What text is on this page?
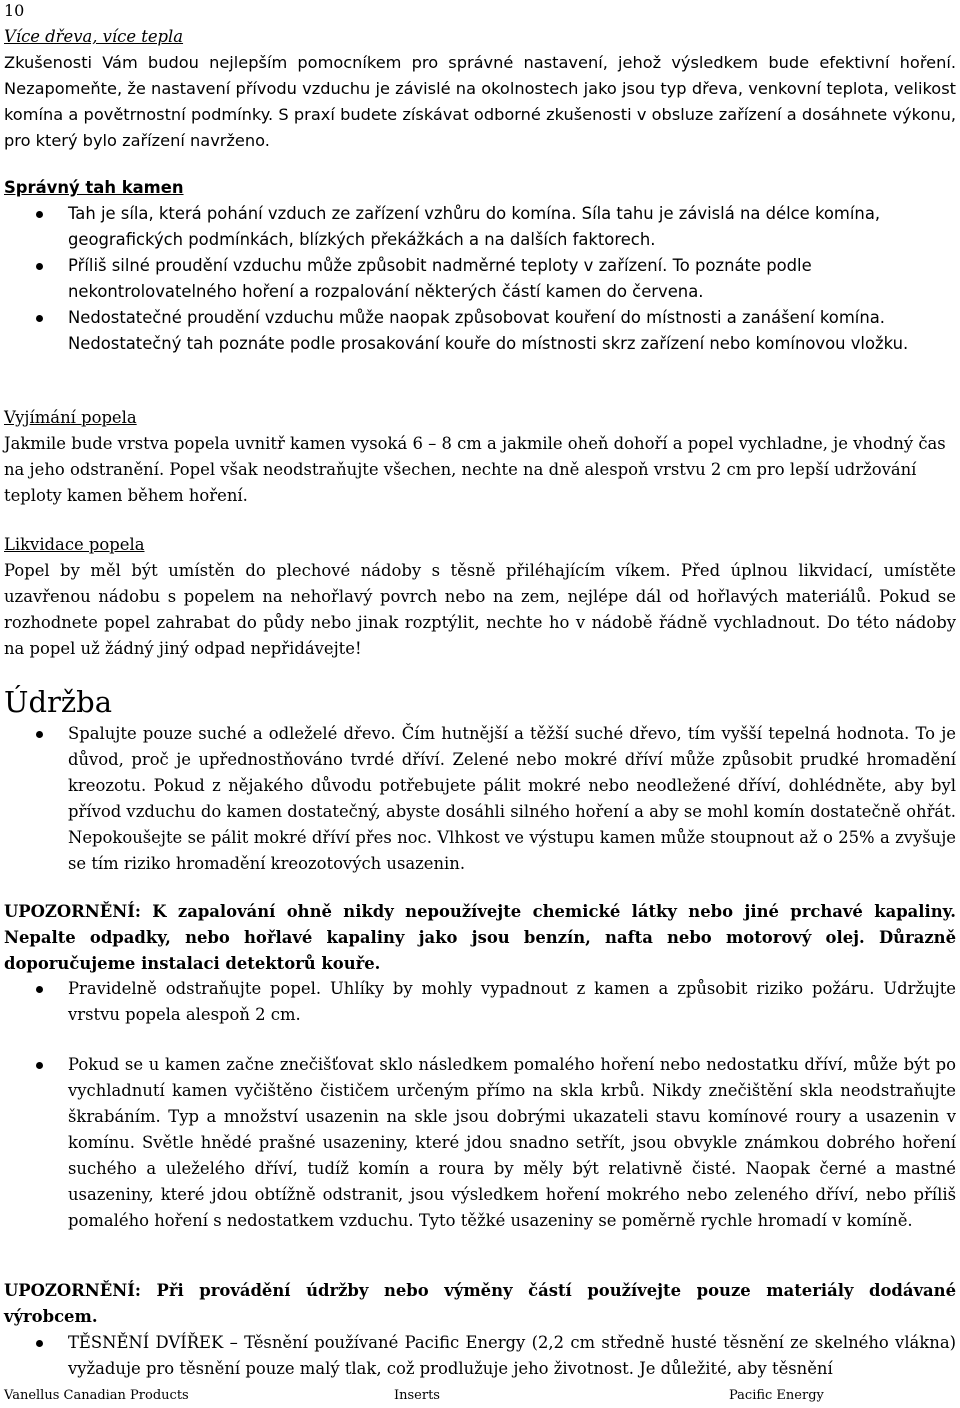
10
Více dřeva, více tepla
Zkušenosti Vám budou nejlepším pomocníkem pro správné nastavení, jehož výsledkem bude efektivní hoření. Nezapomeňte, že nastavení přívodu vzduchu je závislé na okolnostech jako jsou typ dřeva, venkovní teplota, velikost komína a povětrnostní podmínky. S praxí budete získávat odborné zkušenosti v obsluze zařízení a dosáhnete výkonu, pro který bylo zařízení navrženo.
Správný tah kamen
Tah je síla, která pohání vzduch ze zařízení vzhůru do komína. Síla tahu je závislá na délce komína, geografických podmínkách, blízkých překážkách a na dalších faktorech.
Příliš silné proudění vzduchu může způsobit nadměrné teploty v zařízení. To poznáte podle nekontrolovatelného hoření a rozpalování některých částí kamen do červena.
Nedostatečné proudění vzduchu může naopak způsobovat kouření do místnosti a zanášení komína. Nedostatečný tah poznáte podle prosakování kouře do místnosti skrz zařízení nebo komínovou vložku.
Vyjímání popela
Jakmile bude vrstva popela uvnitř kamen vysoká 6 – 8 cm a jakmile oheň dohoří a popel vychladne, je vhodný čas na jeho odstranění. Popel však neodstraňujte všechen, nechte na dně alespoň vrstvu 2 cm pro lepší udržování teploty kamen během hoření.
Likvidace popela
Popel by měl být umístěn do plechové nádoby s těsně přiléhajícím víkem. Před úplnou likvidací, umístěte uzavřenou nádobu s popelem na nehořlavý povrch nebo na zem, nejlépe dál od hořlavých materiálů. Pokud se rozhodnete popel zahrabat do půdy nebo jinak rozptýlit, nechte ho v nádobě řádně vychladnout. Do této nádoby na popel už žádný jiný odpad nepřidávejte!
Údržba
Spalujte pouze suché a odleželé dřevo. Čím hutnější a těžší suché dřevo, tím vyšší tepelná hodnota. To je důvod, proč je upřednostňováno tvrdé dříví. Zelené nebo mokré dříví může způsobit prudké hromadění kreozotu. Pokud z nějakého důvodu potřebujete pálit mokré nebo neodležené dříví, dohlédněte, aby byl přívod vzduchu do kamen dostatečný, abyste dosáhli silného hoření a aby se mohl komín dostatečně ohřát. Nepokoušejte se pálit mokré dříví přes noc. Vlhkost ve výstupu kamen může stoupnout až o 25% a zvyšuje se tím riziko hromadění kreozotových usazenin.
UPOZORNĚNÍ: K zapalování ohně nikdy nepoužívejte chemické látky nebo jiné prchavé kapaliny. Nepalte odpadky, nebo hořlavé kapaliny jako jsou benzín, nafta nebo motorový olej. Důrazně doporučujeme instalaci detektorů kouře.
Pravidelně odstraňujte popel. Uhlíky by mohly vypadnout z kamen a způsobit riziko požáru. Udržujte vrstvu popela alespoň 2 cm.
Pokud se u kamen začne znečišťovat sklo následkem pomalého hoření nebo nedostatku dříví, může být po vychladnutí kamen vyčištěno čističem určeným přímo na skla krbů. Nikdy znečištění skla neodstraňujte škrabáním. Typ a množství usazenin na skle jsou dobrými ukazateli stavu komínové roury a usazenin v komínu. Světle hnědé prašné usazeniny, které jdou snadno setřít, jsou obvykle známkou dobrého hoření suchého a uleželého dříví, tudíž komín a roura by měly být relativně čisté. Naopak černé a mastné usazeniny, které jdou obtížně odstranit, jsou výsledkem hoření mokrého nebo zeleného dříví, nebo příliš pomalého hoření s nedostatkem vzduchu. Tyto těžké usazeniny se poměrně rychle hromadí v komíně.
UPOZORNĚNÍ: Při provádění údržby nebo výměny částí používejte pouze materiály dodávané výrobcem.
TĚSNĚNÍ DVÍŘEK – Těsnění používané Pacific Energy (2,2 cm středně husté těsnění ze skelného vlákna) vyžaduje pro těsnění pouze malý tlak, což prodlužuje jeho životnost. Je důležité, aby těsnění
Vanellus Canadian Products	Inserts	Pacific Energy
